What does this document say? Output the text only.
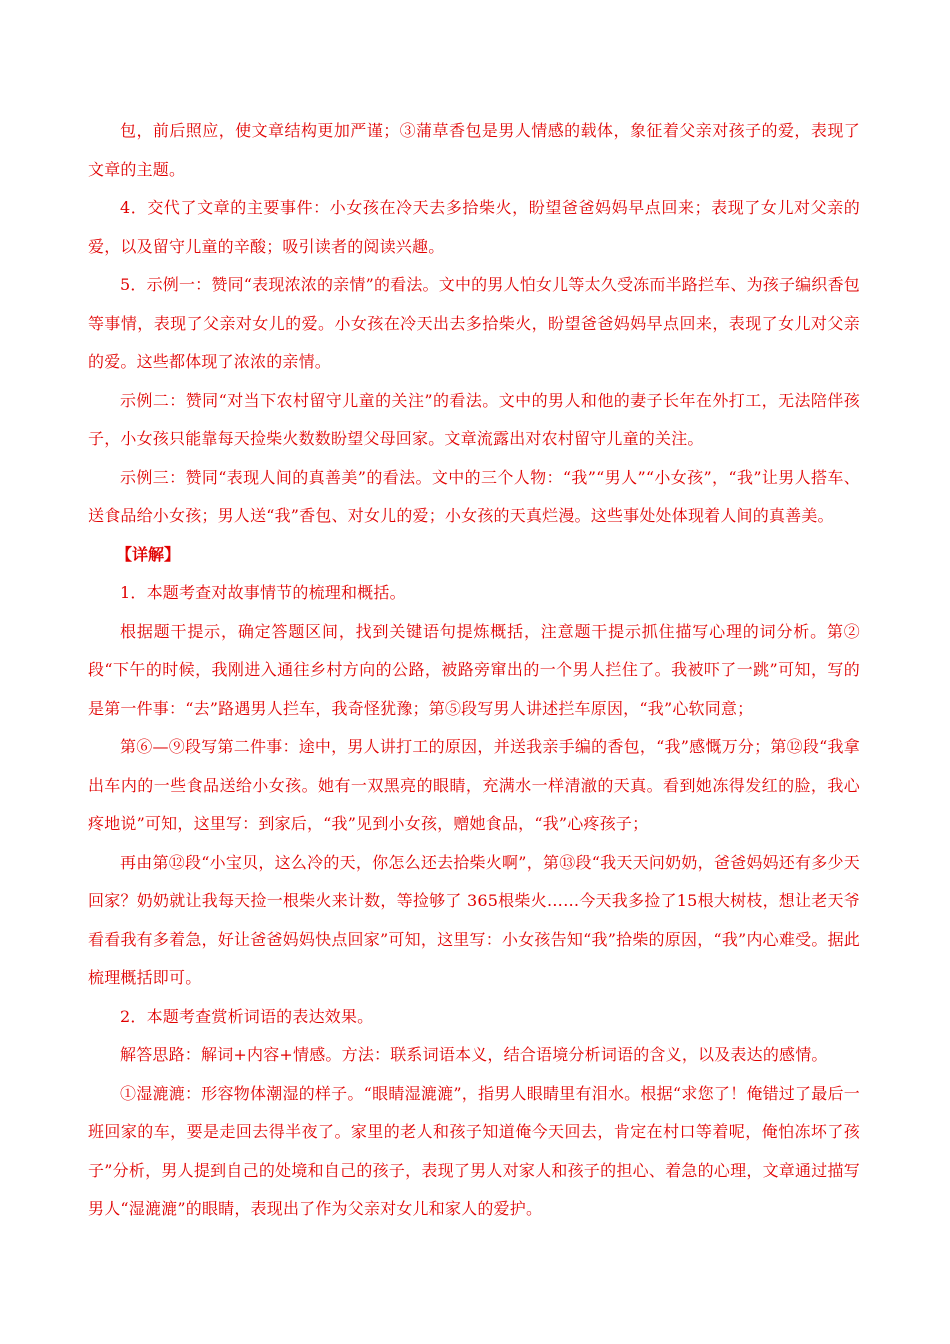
包，前后照应，使文章结构更加严谨；③蒲草香包是男人情感的载体，象征着父亲对孩子的爱，表现了文章的主题。

4．交代了文章的主要事件：小女孩在冷天去多拾柴火，盼望爸爸妈妈早点回来；表现了女儿对父亲的爱，以及留守儿童的辛酸；吸引读者的阅读兴趣。

5．示例一：赞同“表现浓浓的亲情”的看法。文中的男人怕女儿等太久受冻而半路拦车、为孩子编织香包等事情，表现了父亲对女儿的爱。小女孩在冷天出去多拾柴火，盼望爸爸妈妈早点回来，表现了女儿对父亲的爱。这些都体现了浓浓的亲情。

示例二：赞同“对当下农村留守儿童的关注”的看法。文中的男人和他的妻子长年在外打工，无法陪伴孩子，小女孩只能靠每天捡柴火数数盼望父母回家。文章流露出对农村留守儿童的关注。

示例三：赞同“表现人间的真善美”的看法。文中的三个人物：“我”“男人”“小女孩”，“我”让男人搭车、送食品给小女孩；男人送“我”香包、对女儿的爱；小女孩的天真烂漫。这些事处处体现着人间的真善美。

【详解】

1．本题考查对故事情节的梳理和概括。

根据题干提示，确定答题区间，找到关键语句提炼概括，注意题干提示抓住描写心理的词分析。第②段“下午的时候，我刚进入通往乡村方向的公路，被路旁窜出的一个男人拦住了。我被吓了一跳”可知，写的是第一件事：“去”路遇男人拦车，我奇怪犹豫；第⑤段写男人讲述拦车原因，“我”心软同意；

第⑥—⑨段写第二件事：途中，男人讲打工的原因，并送我亲手编的香包，“我”感慨万分；第⑫段“我拿出车内的一些食品送给小女孩。她有一双黑亮的眼睛，充满水一样清澈的天真。看到她冻得发红的脸，我心疼地说”可知，这里写：到家后，“我”见到小女孩，赠她食品，“我”心疼孩子；

再由第⑫段“小宝贝，这么冷的天，你怎么还去拾柴火啊”，第⑬段“我天天问奶奶，爸爸妈妈还有多少天回家？奶奶就让我每天捡一根柴火来计数，等捡够了 365根柴火……今天我多捡了15根大树枝，想让老天爷看看我有多着急，好让爸爸妈妈快点回家”可知，这里写：小女孩告知“我”拾柴的原因，“我”内心难受。据此梳理概括即可。

2．本题考查赏析词语的表达效果。

解答思路：解词+内容+情感。方法：联系词语本义，结合语境分析词语的含义，以及表达的感情。

①湿漉漉：形容物体潮湿的样子。“眼睛湿漉漉”，指男人眼睛里有泪水。根据“求您了！俺错过了最后一班回家的车，要是走回去得半夜了。家里的老人和孩子知道俺今天回去，肯定在村口等着呢，俺怕冻坏了孩子”分析，男人提到自己的处境和自己的孩子，表现了男人对家人和孩子的担心、着急的心理，文章通过描写男人“湿漉漉”的眼睛，表现出了作为父亲对女儿和家人的爱护。
